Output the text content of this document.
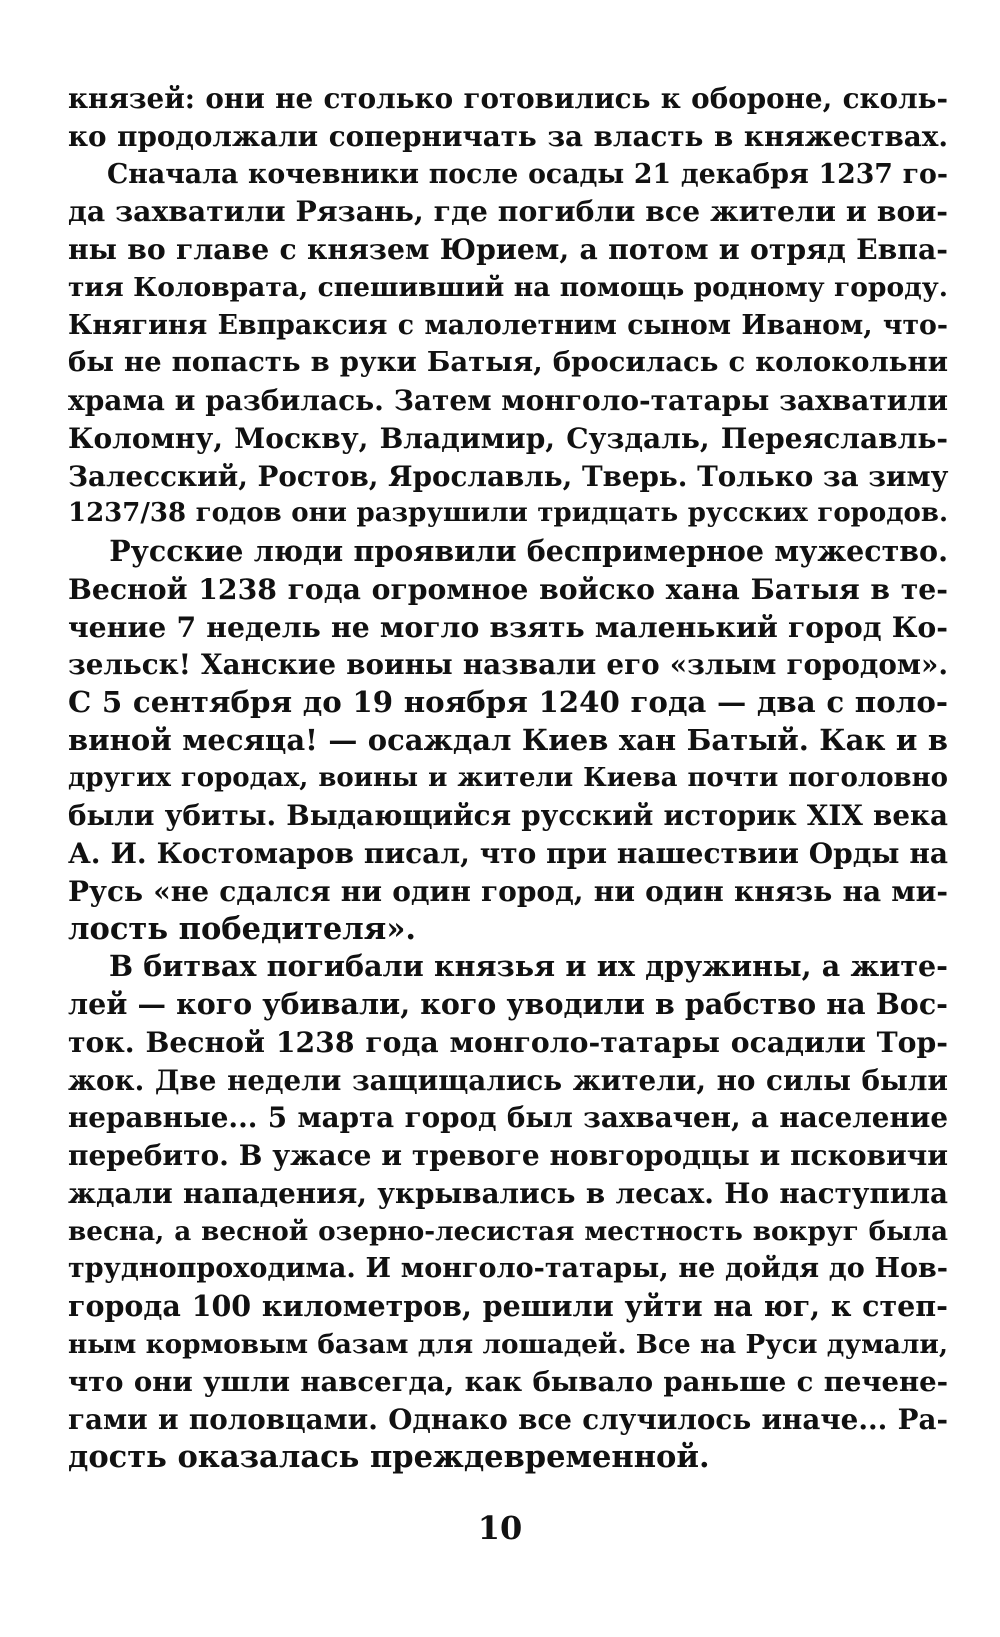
князей: они не столько готовились к обороне, сколь-
ко продолжали соперничать за власть в княжествах.
Сначала кочевники после осады 21 декабря 1237 го-
да захватили Рязань, где погибли все жители и вои-
ны во главе с князем Юрием, а потом и отряд Евпа-
тия Коловрата, спешивший на помощь родному городу.
Княгиня Евпраксия с малолетним сыном Иваном, что-
бы не попасть в руки Батыя, бросилась с колокольни
храма и разбилась. Затем монголо-татары захватили
Коломну, Москву, Владимир, Суздаль, Переяславль-
Залесский, Ростов, Ярославль, Тверь. Только за зиму
1237/38 годов они разрушили тридцать русских городов.
Русские люди проявили беспримерное мужество.
Весной 1238 года огромное войско хана Батыя в те-
чение 7 недель не могло взять маленький город Ко-
зельск! Ханские воины назвали его «злым городом».
С 5 сентября до 19 ноября 1240 года — два с поло-
виной месяца! — осаждал Киев хан Батый. Как и в
других городах, воины и жители Киева почти поголовно
были убиты. Выдающийся русский историк XIX века
А. И. Костомаров писал, что при нашествии Орды на
Русь «не сдался ни один город, ни один князь на ми-
лость победителя».
В битвах погибали князья и их дружины, а жите-
лей — кого убивали, кого уводили в рабство на Вос-
ток. Весной 1238 года монголо-татары осадили Тор-
жок. Две недели защищались жители, но силы были
неравные... 5 марта город был захвачен, а население
перебито. В ужасе и тревоге новгородцы и псковичи
ждали нападения, укрывались в лесах. Но наступила
весна, а весной озерно-лесистая местность вокруг была
труднопроходима. И монголо-татары, не дойдя до Нов-
города 100 километров, решили уйти на юг, к степ-
ным кормовым базам для лошадей. Все на Руси думали,
что они ушли навсегда, как бывало раньше с печене-
гами и половцами. Однако все случилось иначе... Ра-
дость оказалась преждевременной.
10
